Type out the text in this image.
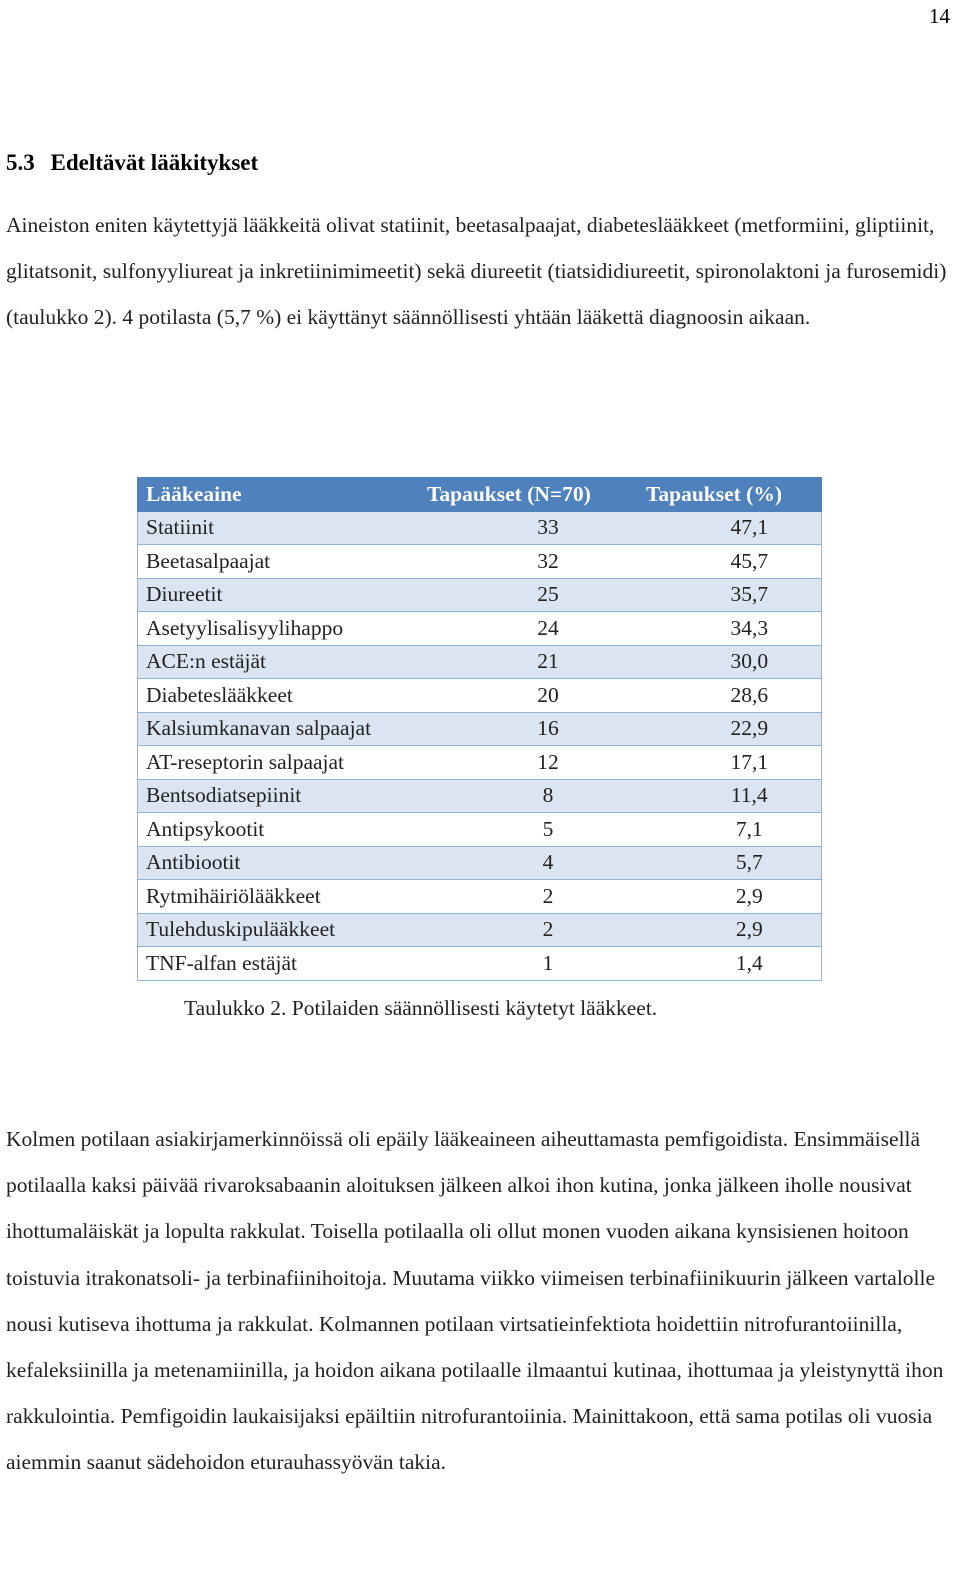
14
5.3 Edeltävät lääkitykset

Aineiston eniten käytettyjä lääkkeitä olivat statiinit, beetasalpaajat, diabeteslääkkeet (metformiini, gliptiinit, glitatsonit, sulfonyyliureat ja inkretiinimimeetit) sekä diureetit (tiatsididiureetit, spironolaktoni ja furosemidi) (taulukko 2). 4 potilasta (5,7 %) ei käyttänyt säännöllisesti yhtään lääkettä diagnoosin aikaan.

Lääkeaine	Tapaukset (N=70)	Tapaukset (%)
Statiinit	33	47,1
Beetasalpaajat	32	45,7
Diureetit	25	35,7
Asetyylisalisyylihappo	24	34,3
ACE:n estäjät	21	30,0
Diabeteslääkkeet	20	28,6
Kalsiumkanavan salpaajat	16	22,9
AT-reseptorin salpaajat	12	17,1
Bentsodiatsepiinit	8	11,4
Antipsykootit	5	7,1
Antibiootit	4	5,7
Rytmihäiriölääkkeet	2	2,9
Tulehduskipulääkkeet	2	2,9
TNF-alfan estäjät	1	1,4

Taulukko 2. Potilaiden säännöllisesti käytetyt lääkkeet.

Kolmen potilaan asiakirjamerkinnöissä oli epäily lääkeaineen aiheuttamasta pemfigoidista. Ensimmäisellä potilaalla kaksi päivää rivaroksabaanin aloituksen jälkeen alkoi ihon kutina, jonka jälkeen iholle nousivat ihottumaläiskät ja lopulta rakkulat. Toisella potilaalla oli ollut monen vuoden aikana kynsisienen hoitoon toistuvia itrakonatsoli- ja terbinafiinihoitoja. Muutama viikko viimeisen terbinafiinikuurin jälkeen vartalolle nousi kutiseva ihottuma ja rakkulat. Kolmannen potilaan virtsatieinfektiota hoidettiin nitrofurantoiinilla, kefaleksiinilla ja metenamiinilla, ja hoidon aikana potilaalle ilmaantui kutinaa, ihottumaa ja yleistynyttä ihon rakkulointia. Pemfigoidin laukaisijaksi epäiltiin nitrofurantoiinia. Mainittakoon, että sama potilas oli vuosia aiemmin saanut sädehoidon eturauhassyövän takia.
